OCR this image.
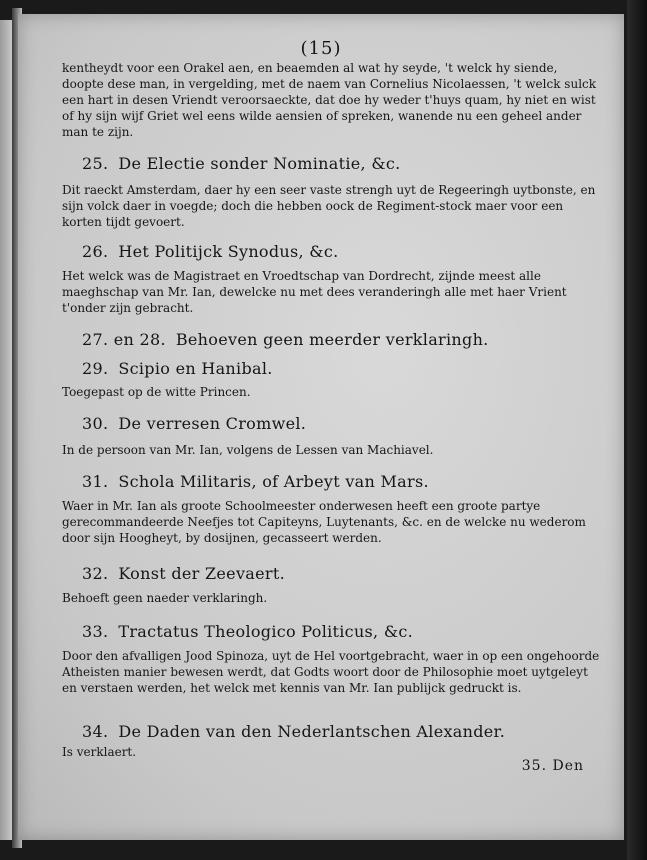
(15)
kentheydt voor een Orakel aen, en beaemden al wat hy seyde, 't welck hy siende, doopte dese man, in vergelding, met de naem van Cornelius Nicolaessen, 't welck sulck een hart in desen Vriendt veroorsaeckte, dat doe hy weder t'huys quam, hy niet en wist of hy sijn wijf Griet wel eens wilde aensien of spreken, wanende nu een geheel ander man te zijn.
25. De Electie sonder Nominatie, &c.
Dit raeckt Amsterdam, daer hy een seer vaste strengh uyt de Regeeringh uytbonste, en sijn volck daer in voegde; doch die hebben oock de Regiment-stock maer voor een korten tijdt gevoert.
26. Het Politijck Synodus, &c.
Het welck was de Magistraet en Vroedtschap van Dordrecht, zijnde meest alle maeghschap van Mr. Ian, dewelcke nu met dees veranderingh alle met haer Vrient t'onder zijn gebracht.
27. en 28. Behoeven geen meerder verklaringh.
29. Scipio en Hanibal.
Toegepast op de witte Princen.
30. De verresen Cromwel.
In de persoon van Mr. Ian, volgens de Lessen van Machiavel.
31. Schola Militaris, of Arbeyt van Mars.
Waer in Mr. Ian als groote Schoolmeester onderwesen heeft een groote partye gerecommandeerde Neefjes tot Capiteyns, Luytenants, &c. en de welcke nu wederom door sijn Hoogheyt, by dosijnen, gecasseert werden.
32. Konst der Zeevaert.
Behoeft geen naeder verklaringh.
33. Tractatus Theologico Politicus, &c.
Door den afvalligen Jood Spinoza, uyt de Hel voortgebracht, waer in op een ongehoorde Atheisten manier bewesen werdt, dat Godts woort door de Philosophie moet uytgeleyt en verstaen werden, het welck met kennis van Mr. Ian publijck gedruckt is.
34. De Daden van den Nederlantschen Alexander.
Is verklaert.
35. Den
